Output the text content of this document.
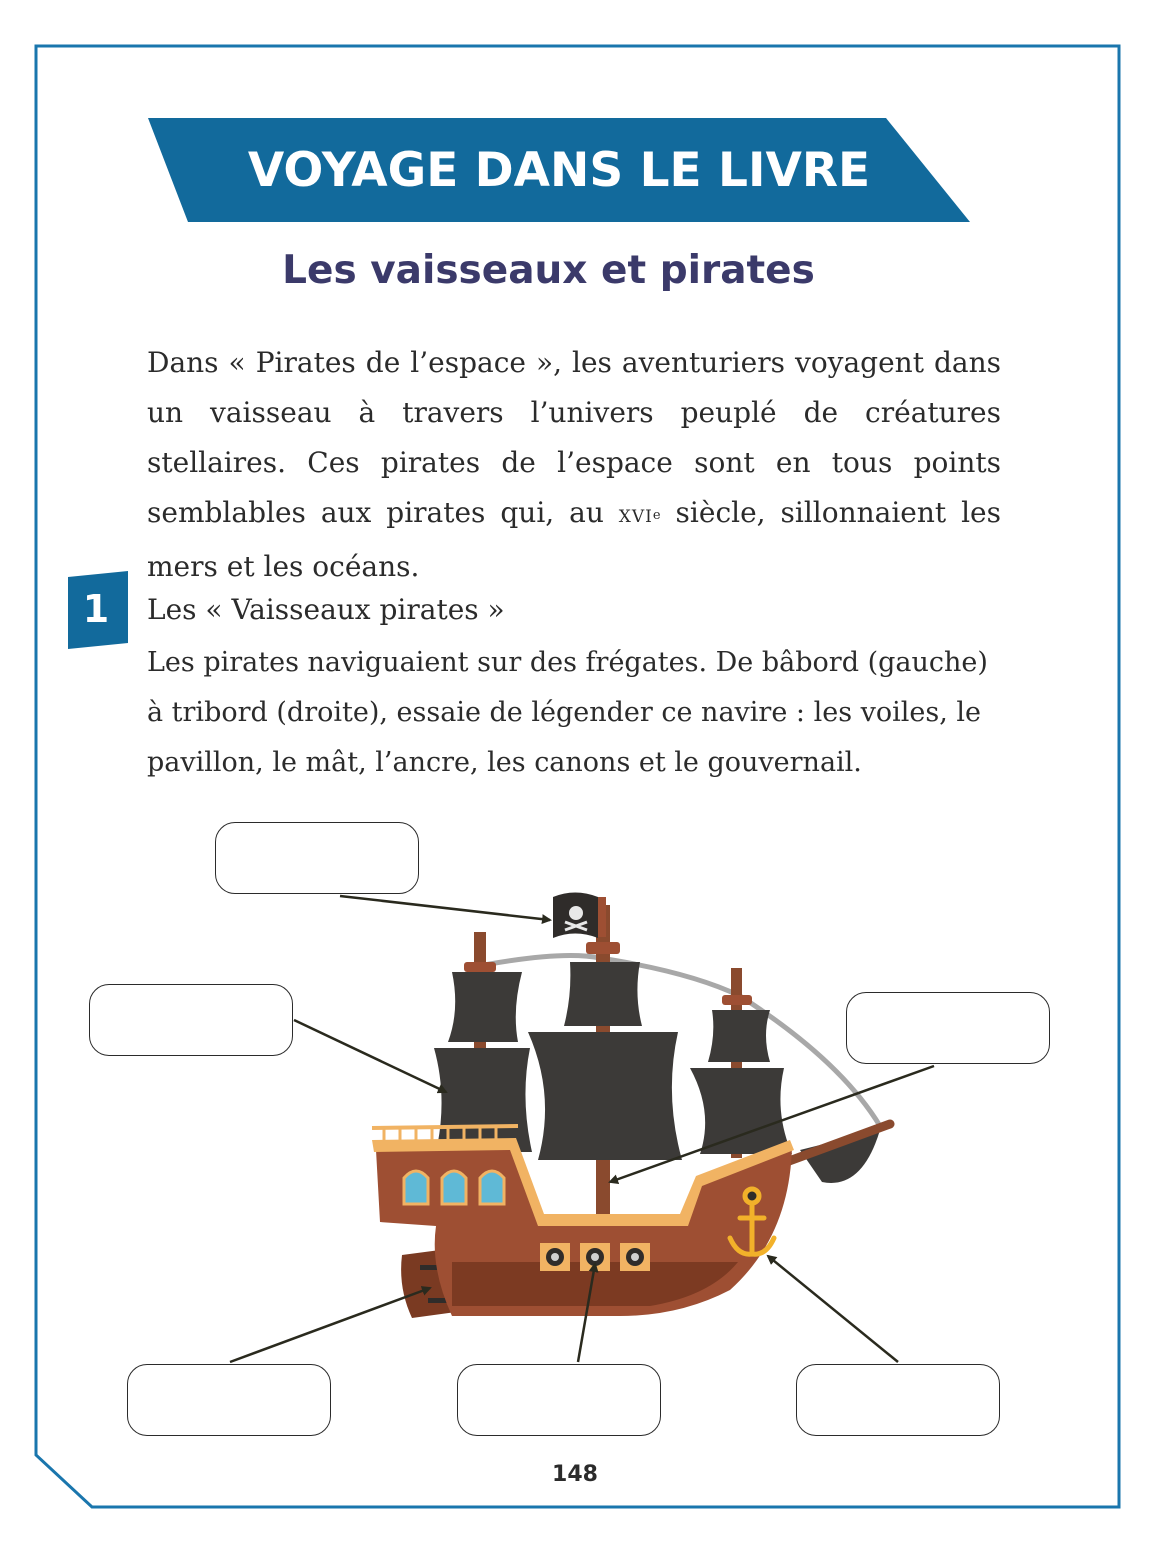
VOYAGE DANS LE LIVRE
Les vaisseaux et pirates
Dans « Pirates de l’espace », les aventuriers voyagent dans un vaisseau à travers l’univers peuplé de créatures stellaires. Ces pirates de l’espace sont en tous points semblables aux pirates qui, au XVIe siècle, sillonnaient les mers et les océans.
1	Les « Vaisseaux pirates »
Les pirates naviguaient sur des frégates. De bâbord (gauche) à tribord (droite), essaie de légender ce navire : les voiles, le pavillon, le mât, l’ancre, les canons et le gouvernail.
148
